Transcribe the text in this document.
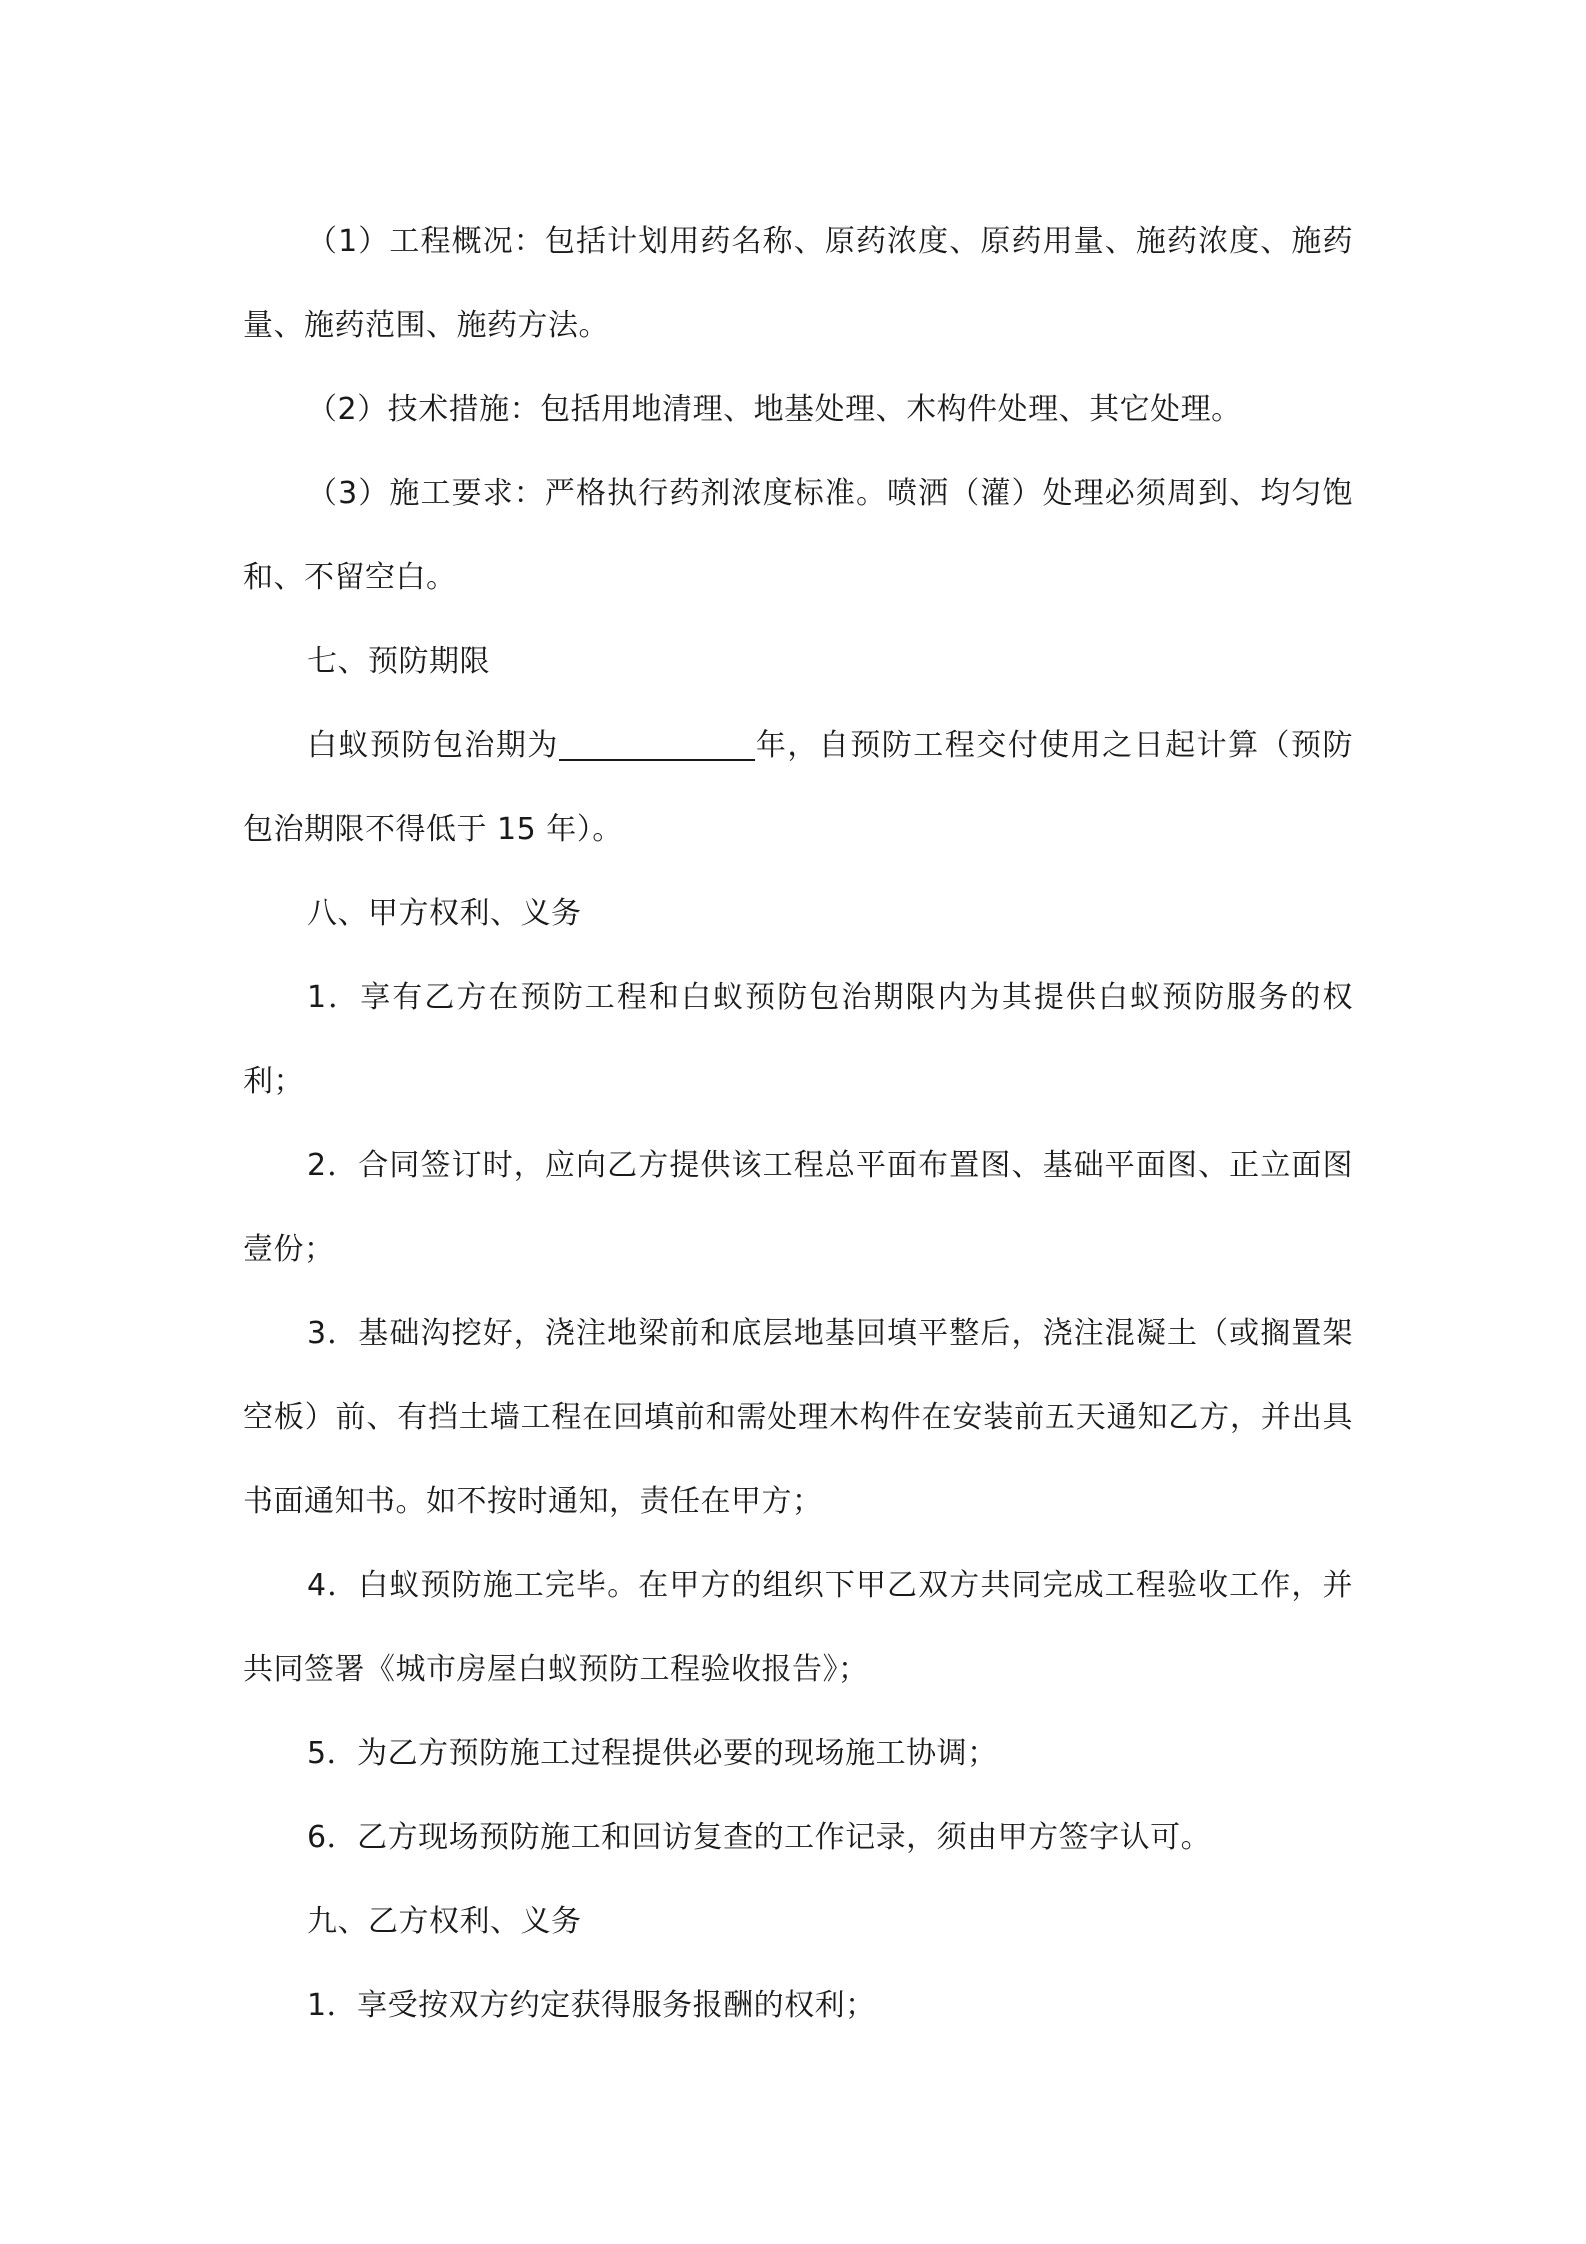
（1）工程概况：包括计划用药名称、原药浓度、原药用量、施药浓度、施药量、施药范围、施药方法。

（2）技术措施：包括用地清理、地基处理、木构件处理、其它处理。

（3）施工要求：严格执行药剂浓度标准。喷洒（灌）处理必须周到、均匀饱和、不留空白。

七、预防期限

白蚁预防包治期为	年，自预防工程交付使用之日起计算（预防包治期限不得低于 15 年）。

八、甲方权利、义务

1．享有乙方在预防工程和白蚁预防包治期限内为其提供白蚁预防服务的权利；

2．合同签订时，应向乙方提供该工程总平面布置图、基础平面图、正立面图壹份；

3．基础沟挖好，浇注地梁前和底层地基回填平整后，浇注混凝土（或搁置架空板）前、有挡土墙工程在回填前和需处理木构件在安装前五天通知乙方，并出具书面通知书。如不按时通知，责任在甲方；

4．白蚁预防施工完毕。在甲方的组织下甲乙双方共同完成工程验收工作，并共同签署《城市房屋白蚁预防工程验收报告》；

5．为乙方预防施工过程提供必要的现场施工协调；

6．乙方现场预防施工和回访复查的工作记录，须由甲方签字认可。

九、乙方权利、义务

1．享受按双方约定获得服务报酬的权利；
